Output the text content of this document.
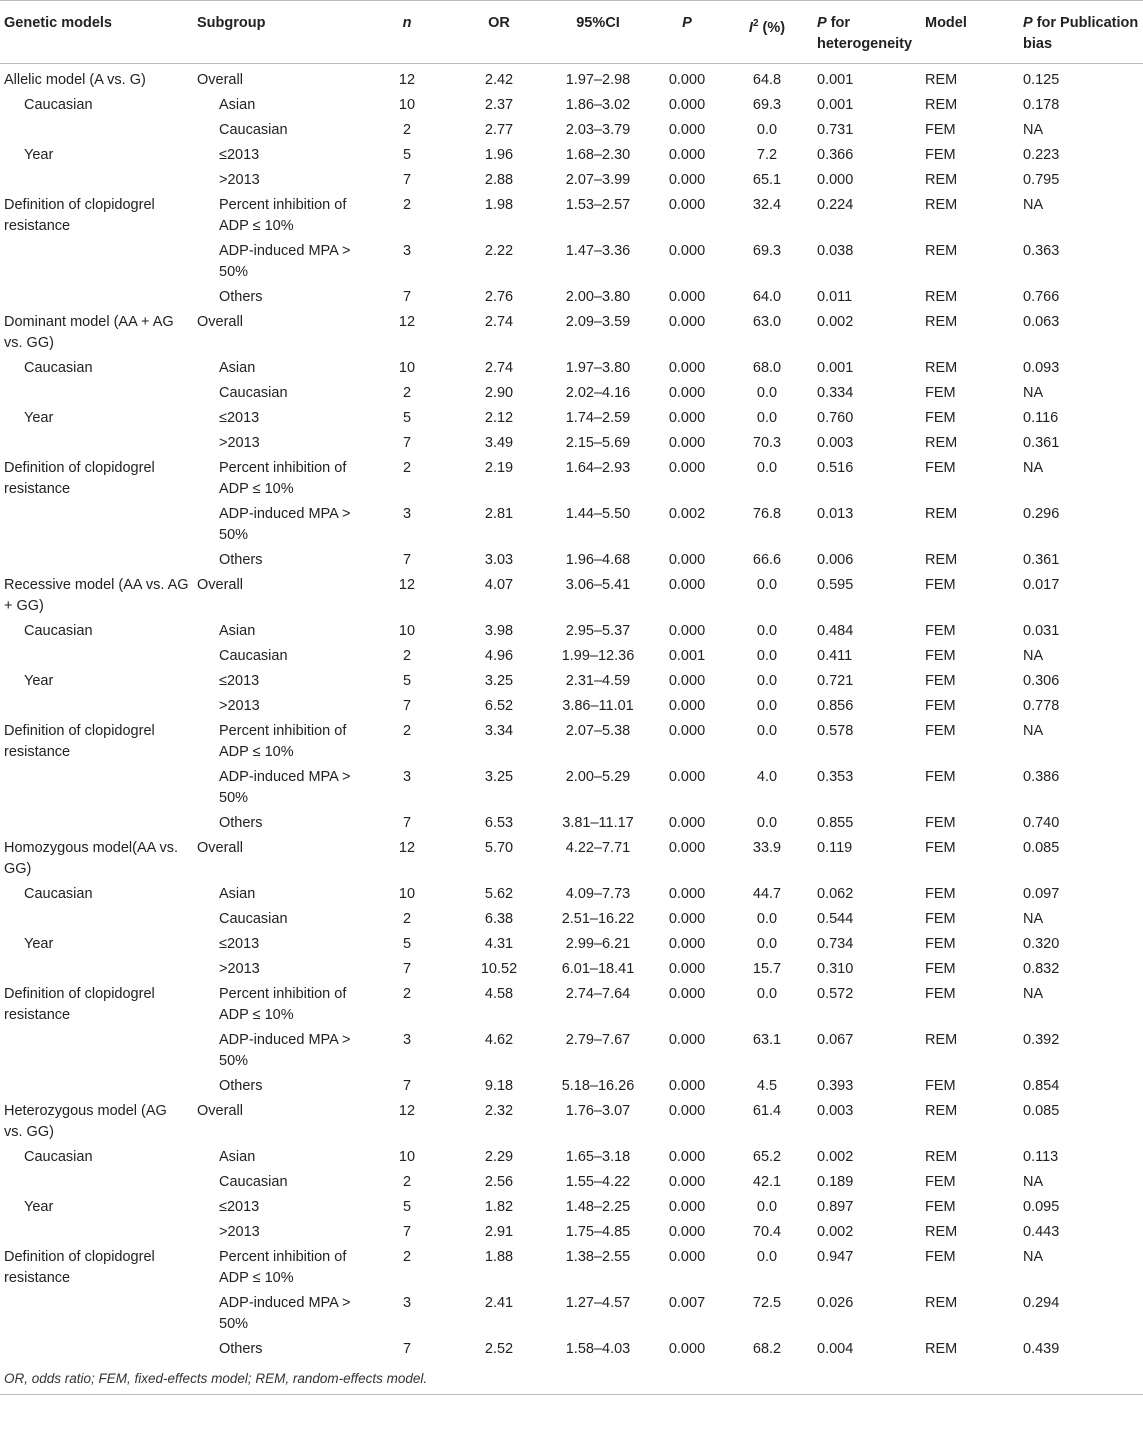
Genetic models	Subgroup	n	OR	95%CI	P	$I^2$ (%)	P for heterogeneity	Model	P for Publication bias
Allelic model (A vs. G)	Overall	12	2.42	1.97–2.98	0.000	64.8	0.001	REM	0.125
Caucasian	Asian	10	2.37	1.86–3.02	0.000	69.3	0.001	REM	0.178
	Caucasian	2	2.77	2.03–3.79	0.000	0.0	0.731	FEM	NA
Year	≤2013	5	1.96	1.68–2.30	0.000	7.2	0.366	FEM	0.223
	>2013	7	2.88	2.07–3.99	0.000	65.1	0.000	REM	0.795
Definition of clopidogrel resistance	Percent inhibition of ADP ≤ 10%	2	1.98	1.53–2.57	0.000	32.4	0.224	REM	NA
	ADP-induced MPA > 50%	3	2.22	1.47–3.36	0.000	69.3	0.038	REM	0.363
	Others	7	2.76	2.00–3.80	0.000	64.0	0.011	REM	0.766
Dominant model (AA + AG vs. GG)	Overall	12	2.74	2.09–3.59	0.000	63.0	0.002	REM	0.063
Caucasian	Asian	10	2.74	1.97–3.80	0.000	68.0	0.001	REM	0.093
	Caucasian	2	2.90	2.02–4.16	0.000	0.0	0.334	FEM	NA
Year	≤2013	5	2.12	1.74–2.59	0.000	0.0	0.760	FEM	0.116
	>2013	7	3.49	2.15–5.69	0.000	70.3	0.003	REM	0.361
Definition of clopidogrel resistance	Percent inhibition of ADP ≤ 10%	2	2.19	1.64–2.93	0.000	0.0	0.516	FEM	NA
	ADP-induced MPA > 50%	3	2.81	1.44–5.50	0.002	76.8	0.013	REM	0.296
	Others	7	3.03	1.96–4.68	0.000	66.6	0.006	REM	0.361
Recessive model (AA vs. AG + GG)	Overall	12	4.07	3.06–5.41	0.000	0.0	0.595	FEM	0.017
Caucasian	Asian	10	3.98	2.95–5.37	0.000	0.0	0.484	FEM	0.031
	Caucasian	2	4.96	1.99–12.36	0.001	0.0	0.411	FEM	NA
Year	≤2013	5	3.25	2.31–4.59	0.000	0.0	0.721	FEM	0.306
	>2013	7	6.52	3.86–11.01	0.000	0.0	0.856	FEM	0.778
Definition of clopidogrel resistance	Percent inhibition of ADP ≤ 10%	2	3.34	2.07–5.38	0.000	0.0	0.578	FEM	NA
	ADP-induced MPA > 50%	3	3.25	2.00–5.29	0.000	4.0	0.353	FEM	0.386
	Others	7	6.53	3.81–11.17	0.000	0.0	0.855	FEM	0.740
Homozygous model(AA vs. GG)	Overall	12	5.70	4.22–7.71	0.000	33.9	0.119	FEM	0.085
Caucasian	Asian	10	5.62	4.09–7.73	0.000	44.7	0.062	FEM	0.097
	Caucasian	2	6.38	2.51–16.22	0.000	0.0	0.544	FEM	NA
Year	≤2013	5	4.31	2.99–6.21	0.000	0.0	0.734	FEM	0.320
	>2013	7	10.52	6.01–18.41	0.000	15.7	0.310	FEM	0.832
Definition of clopidogrel resistance	Percent inhibition of ADP ≤ 10%	2	4.58	2.74–7.64	0.000	0.0	0.572	FEM	NA
	ADP-induced MPA > 50%	3	4.62	2.79–7.67	0.000	63.1	0.067	REM	0.392
	Others	7	9.18	5.18–16.26	0.000	4.5	0.393	FEM	0.854
Heterozygous model (AG vs. GG)	Overall	12	2.32	1.76–3.07	0.000	61.4	0.003	REM	0.085
Caucasian	Asian	10	2.29	1.65–3.18	0.000	65.2	0.002	REM	0.113
	Caucasian	2	2.56	1.55–4.22	0.000	42.1	0.189	FEM	NA
Year	≤2013	5	1.82	1.48–2.25	0.000	0.0	0.897	FEM	0.095
	>2013	7	2.91	1.75–4.85	0.000	70.4	0.002	REM	0.443
Definition of clopidogrel resistance	Percent inhibition of ADP ≤ 10%	2	1.88	1.38–2.55	0.000	0.0	0.947	FEM	NA
	ADP-induced MPA > 50%	3	2.41	1.27–4.57	0.007	72.5	0.026	REM	0.294
	Others	7	2.52	1.58–4.03	0.000	68.2	0.004	REM	0.439
OR, odds ratio; FEM, fixed-effects model; REM, random-effects model.
